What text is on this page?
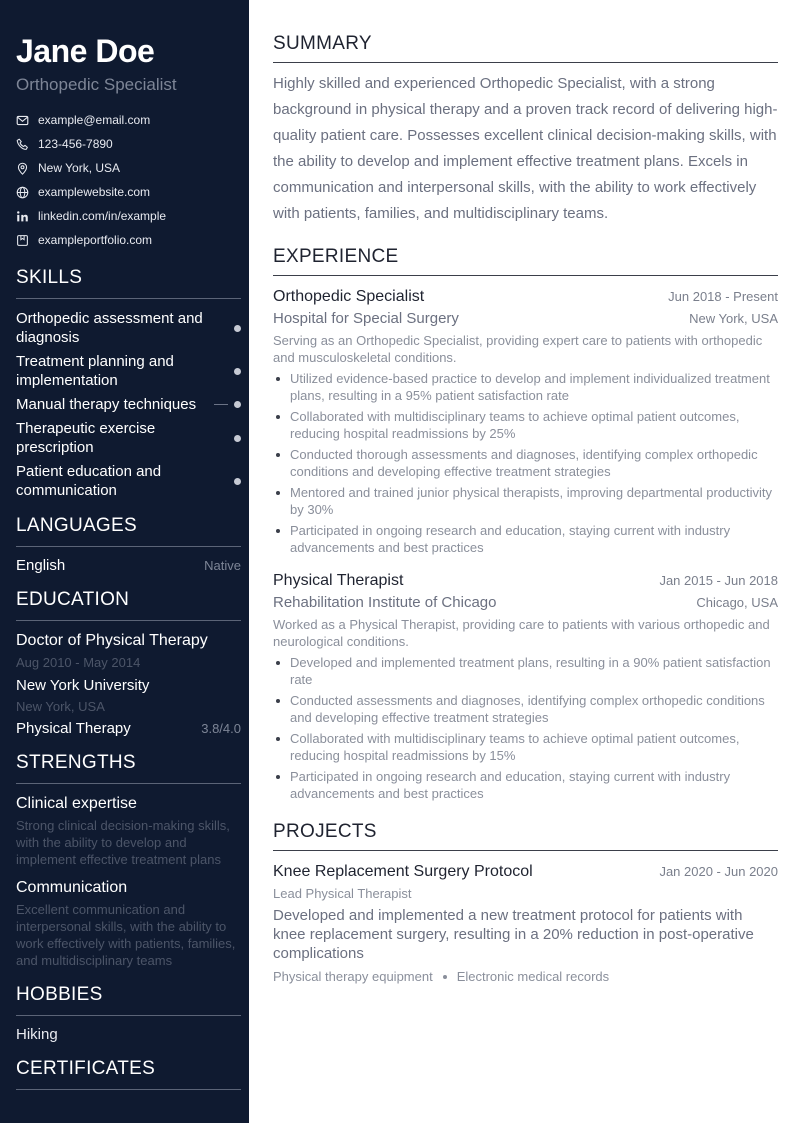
Jane Doe
Orthopedic Specialist
example@email.com
123-456-7890
New York, USA
examplewebsite.com
linkedin.com/in/example
exampleportfolio.com
SKILLS
Orthopedic assessment and diagnosis
Treatment planning and implementation
Manual therapy techniques
Therapeutic exercise prescription
Patient education and communication
LANGUAGES
English	Native
EDUCATION
Doctor of Physical Therapy
Aug 2010 - May 2014
New York University
New York, USA
Physical Therapy	3.8/4.0
STRENGTHS
Clinical expertise
Strong clinical decision-making skills, with the ability to develop and implement effective treatment plans
Communication
Excellent communication and interpersonal skills, with the ability to work effectively with patients, families, and multidisciplinary teams
HOBBIES
Hiking
CERTIFICATES
SUMMARY

Highly skilled and experienced Orthopedic Specialist, with a strong background in physical therapy and a proven track record of delivering high-quality patient care. Possesses excellent clinical decision-making skills, with the ability to develop and implement effective treatment plans. Excels in communication and interpersonal skills, with the ability to work effectively with patients, families, and multidisciplinary teams.

EXPERIENCE
Orthopedic Specialist	Jun 2018 - Present
Hospital for Special Surgery	New York, USA
Serving as an Orthopedic Specialist, providing expert care to patients with orthopedic and musculoskeletal conditions.
Utilized evidence-based practice to develop and implement individualized treatment plans, resulting in a 95% patient satisfaction rate
Collaborated with multidisciplinary teams to achieve optimal patient outcomes, reducing hospital readmissions by 25%
Conducted thorough assessments and diagnoses, identifying complex orthopedic conditions and developing effective treatment strategies
Mentored and trained junior physical therapists, improving departmental productivity by 30%
Participated in ongoing research and education, staying current with industry advancements and best practices
Physical Therapist	Jan 2015 - Jun 2018
Rehabilitation Institute of Chicago	Chicago, USA
Worked as a Physical Therapist, providing care to patients with various orthopedic and neurological conditions.
Developed and implemented treatment plans, resulting in a 90% patient satisfaction rate
Conducted assessments and diagnoses, identifying complex orthopedic conditions and developing effective treatment strategies
Collaborated with multidisciplinary teams to achieve optimal patient outcomes, reducing hospital readmissions by 15%
Participated in ongoing research and education, staying current with industry advancements and best practices
PROJECTS
Knee Replacement Surgery Protocol	Jan 2020 - Jun 2020
Lead Physical Therapist
Developed and implemented a new treatment protocol for patients with knee replacement surgery, resulting in a 20% reduction in post-operative complications
Physical therapy equipment Electronic medical records
